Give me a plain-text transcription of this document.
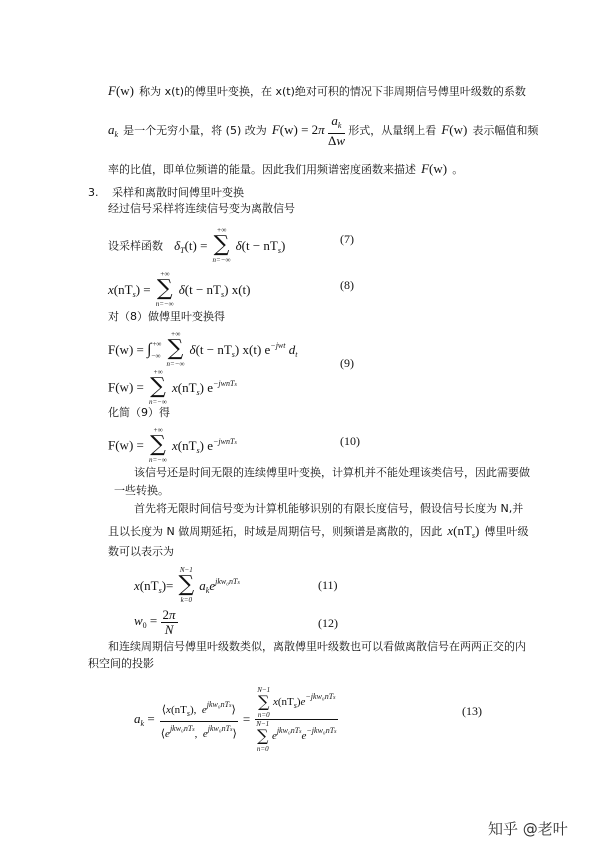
F(w) 称为 x(t)的傅里叶变换，在 x(t)绝对可积的情况下非周期信号傅里叶级数的系数
$a_k$ 是一个无穷小量，将 (5) 改为 $F(w) = 2\pi \frac{a_k}{\Delta w}$ 形式，从量纲上看 F(w) 表示幅值和频
率的比值，即单位频谱的能量。因此我们用频谱密度函数来描述 F(w) 。
3. 采样和离散时间傅里叶变换
经过信号采样将连续信号变为离散信号
设采样函数 $\delta_T(t)$ =
+∞
∑
n=−∞
$\delta(t - nT_s)$	(7)
$x(nT_s)$ =
+∞
∑
n=−∞
$\delta(t - nT_s)$ x(t)	(8)
对（8）做傅里叶变换得
$F(w) = \int_{-\infty}^{+\infty}$
+∞
∑
n=−∞
$\delta(t - nT_s)$ x(t) $e^{-jwt}$ $d_t$
(9)
F(w) =
+∞
∑
n=−∞
$x(nT_s)$ $e^{-jwnTs}$
化简（9）得
F(w) =
+∞
∑
n=−∞
$x(nT_s)$ $e^{-jwnTs}$	(10)
该信号还是时间无限的连续傅里叶变换，计算机并不能处理该类信号，因此需要做
一些转换。
首先将无限时间信号变为计算机能够识别的有限长度信号，假设信号长度为 N,并
且以长度为 N 做周期延拓，时域是周期信号，则频谱是离散的，因此 $x(nT_s)$ 傅里叶级
数可以表示为
$x(nT_s)=$
N−1
∑
k=0
$a_ke^{jkw_0nTs}$	(11)
$w_0 = \frac{2\pi}{N}$	(12)
和连续周期信号傅里叶级数类似，离散傅里叶级数也可以看做离散信号在两两正交的内
积空间的投影
$a_k = \frac{⟨x(nT_s), e^{jkw_0nTs}⟩}{⟨e^{jkw_0nTs}, e^{jkw_0nTs}⟩} = N-1$
∑
n=0
$x(nT_s)e^{-jkw_0nTs}$
N−1
∑
n=0
$e^{jkw_0nTs}e^{-jkw_0nTs}$	(13)
知乎 @老叶
